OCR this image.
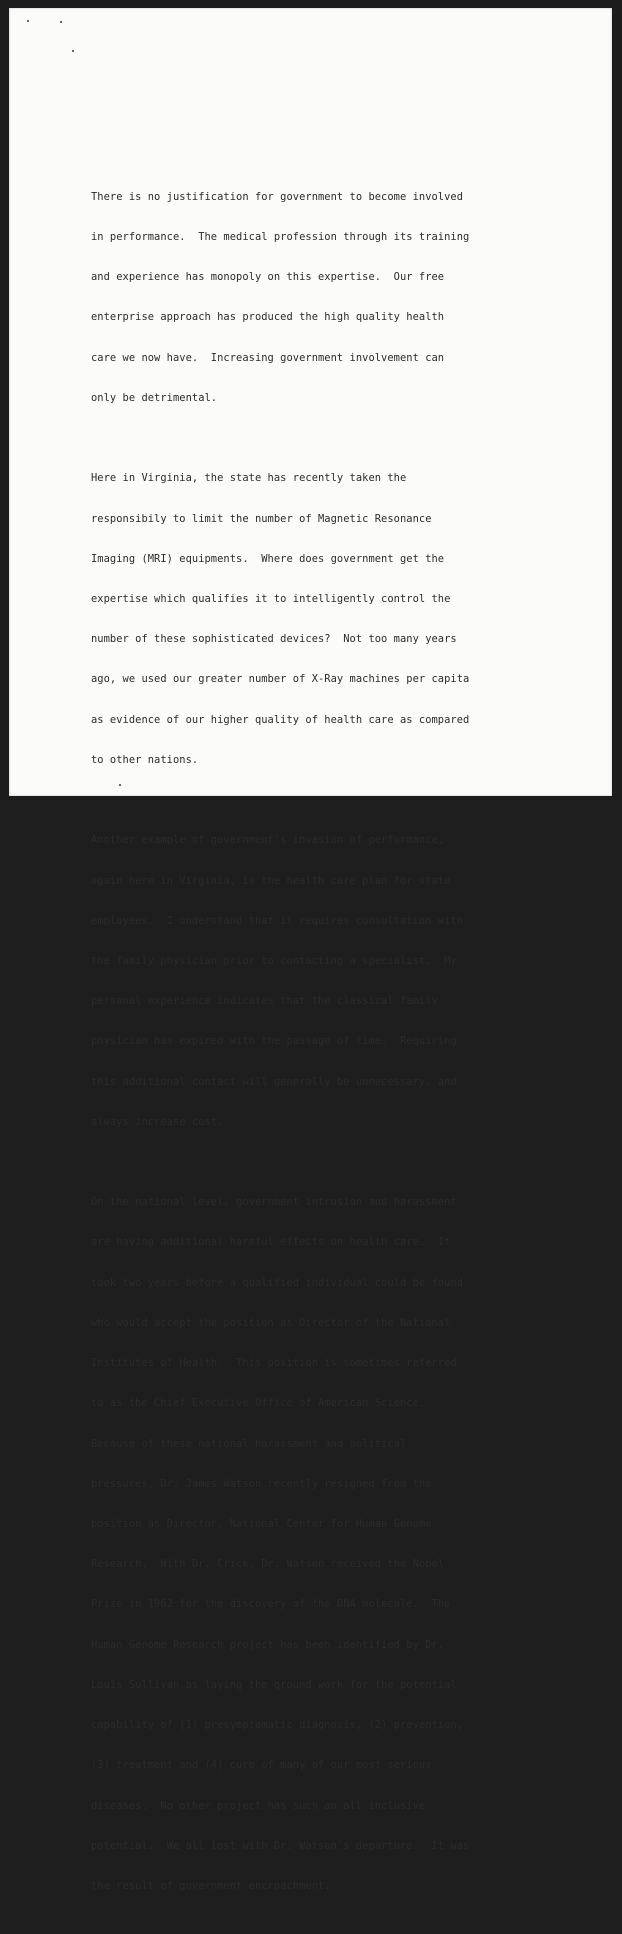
There is no justification for government to become involved

in performance.  The medical profession through its training

and experience has monopoly on this expertise.  Our free

enterprise approach has produced the high quality health

care we now have.  Increasing government involvement can

only be detrimental.

Here in Virginia, the state has recently taken the

responsibily to limit the number of Magnetic Resonance

Imaging (MRI) equipments.  Where does government get the

expertise which qualifies it to intelligently control the

number of these sophisticated devices?  Not too many years

ago, we used our greater number of X-Ray machines per capita

as evidence of our higher quality of health care as compared

to other nations.

Another example of government's invasion of performance,

again here in Virginia, is the health care plan for state

employees.  I understand that it requires consultation with

the family physician prior to contacting a specialist.  My

personal experience indicates that the classical family

physician has expired with the passage of time.  Requiring

this additional contact will generally be unnecessary, and

always increase cost.

On the national level, government intrusion and harassment

are having additional harmful effects on health care.  It

took two years before a qualified individual could be found

who would accept the position as Director of the National

Institutes of Health.  This position is sometimes referred

to as the Chief Executive Office of American Science.

Because of these national harassment and political

pressures, Dr. James Watson recently resigned from the

position as Director, National Center for Human Genome

Research.  With Dr. Crick, Dr. Watson received the Nobel

Prize in 1962 for the discovery of the DNA molecule.  The

Human Genome Research project has been identified by Dr.

Louis Sullivan as laying the ground work for the potential

capability of (1) presymptomatic diagnosis, (2) prevention,

(3) treatment and (4) cure of many of our most serious

diseases.  No other project has such an all inclusive

potential.  We all lost with Dr. Watson's departure.  It was

the result of government encroachment.
